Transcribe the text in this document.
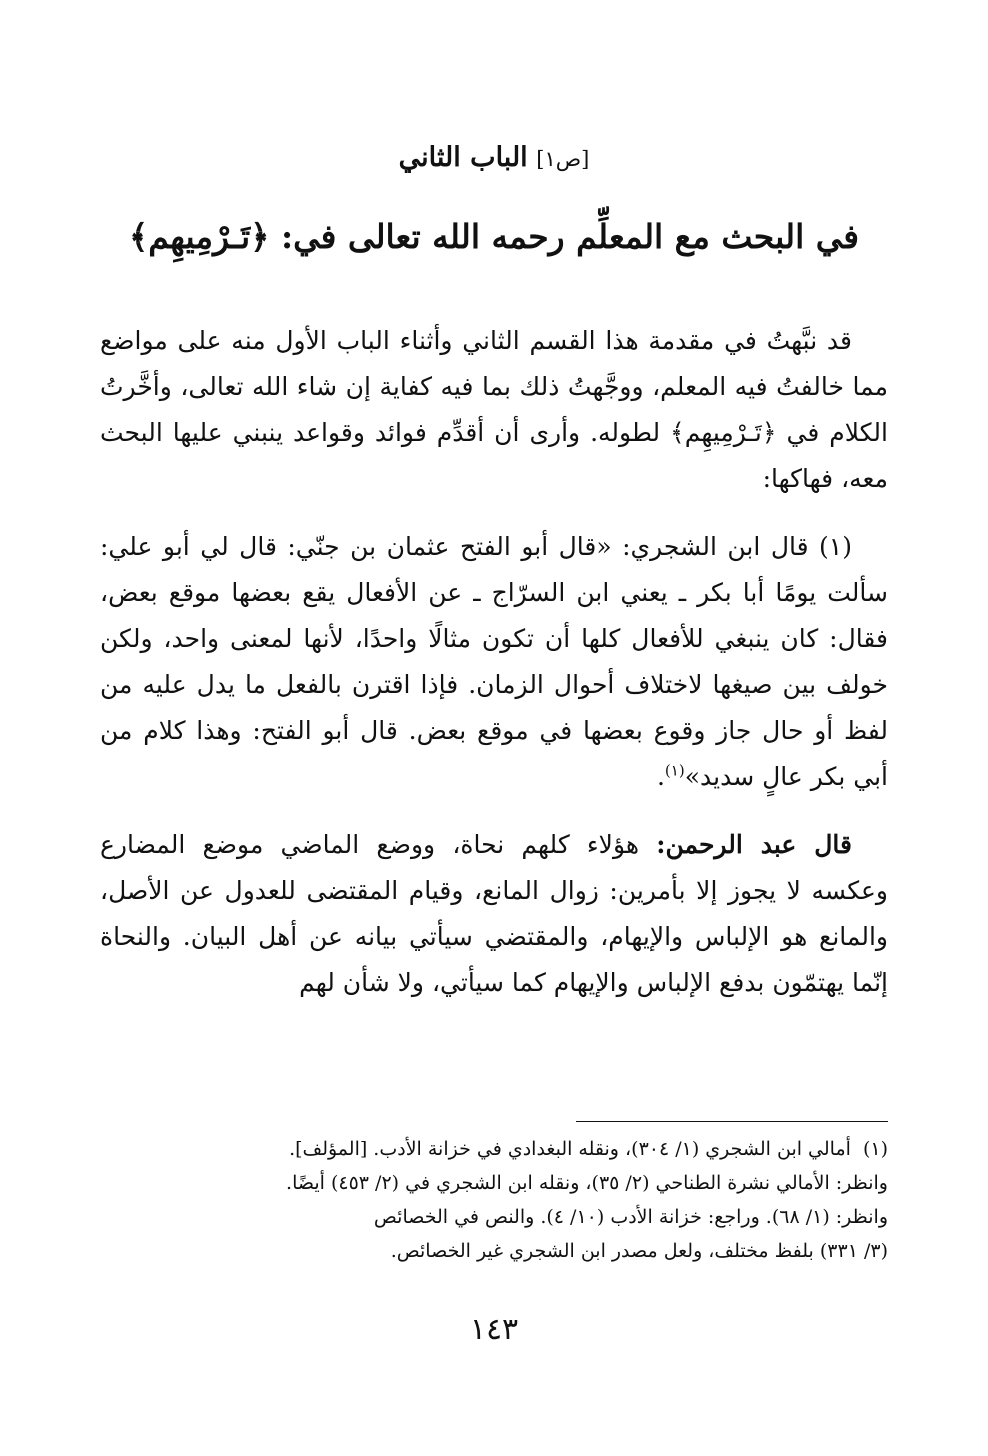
[ص١] الباب الثاني
في البحث مع المعلِّم رحمه الله تعالى في: ﴿تَـرْمِيهِم﴾

قد نبَّهتُ في مقدمة هذا القسم الثاني وأثناء الباب الأول منه على مواضع مما خالفتُ فيه المعلم، ووجَّهتُ ذلك بما فيه كفاية إن شاء الله تعالى، وأخَّرتُ الكلام في ﴿تَـرْمِيهِم﴾ لطوله. وأرى أن أقدِّم فوائد وقواعد ينبني عليها البحث معه، فهاكها:

(١) قال ابن الشجري: «قال أبو الفتح عثمان بن جنّي: قال لي أبو علي: سألت يومًا أبا بكر ـ يعني ابن السرّاج ـ عن الأفعال يقع بعضها موقع بعض، فقال: كان ينبغي للأفعال كلها أن تكون مثالًا واحدًا، لأنها لمعنى واحد، ولكن خولف بين صيغها لاختلاف أحوال الزمان. فإذا اقترن بالفعل ما يدل عليه من لفظ أو حال جاز وقوع بعضها في موقع بعض. قال أبو الفتح: وهذا كلام من أبي بكر عالٍ سديد»$^{(١)}$.

قال عبد الرحمن: هؤلاء كلهم نحاة، ووضع الماضي موضع المضارع وعكسه لا يجوز إلا بأمرين: زوال المانع، وقيام المقتضى للعدول عن الأصل، والمانع هو الإلباس والإيهام، والمقتضي سيأتي بيانه عن أهل البيان. والنحاة إنّما يهتمّون بدفع الإلباس والإيهام كما سيأتي، ولا شأن لهم

(١)أمالي ابن الشجري (١/ ٣٠٤)، ونقله البغدادي في خزانة الأدب. [المؤلف].

وانظر: الأمالي نشرة الطناحي (٢/ ٣٥)، ونقله ابن الشجري في (٢/ ٤٥٣) أيضًا.

وانظر: (١/ ٦٨). وراجع: خزانة الأدب (١٠/ ٤). والنص في الخصائص

(٣/ ٣٣١) بلفظ مختلف، ولعل مصدر ابن الشجري غير الخصائص.

١٤٣
